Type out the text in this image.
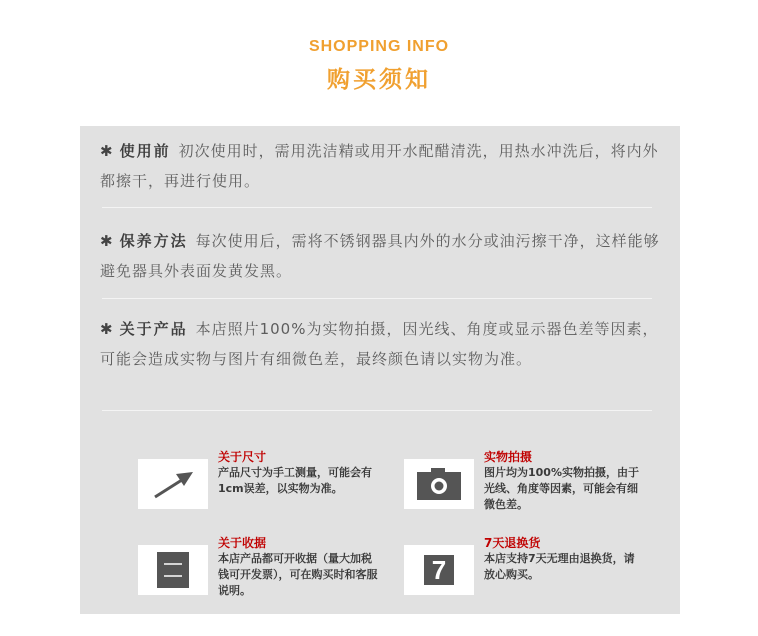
SHOPPING INFO
购买须知
✱ 使用前 初次使用时，需用洗洁精或用开水配醋清洗，用热水冲洗后，将内外都擦干，再进行使用。
✱ 保养方法 每次使用后，需将不锈钢器具内外的水分或油污擦干净，这样能够避免器具外表面发黄发黑。
✱ 关于产品 本店照片100%为实物拍摄，因光线、角度或显示器色差等因素，可能会造成实物与图片有细微色差，最终颜色请以实物为准。
关于尺寸
产品尺寸为手工测量，可能会有1cm误差，以实物为准。
实物拍摄
图片均为100%实物拍摄，由于光线、角度等因素，可能会有细微色差。
关于收据
本店产品都可开收据（量大加税钱可开发票），可在购买时和客服说明。
7
7天退换货
本店支持7天无理由退换货，请放心购买。
